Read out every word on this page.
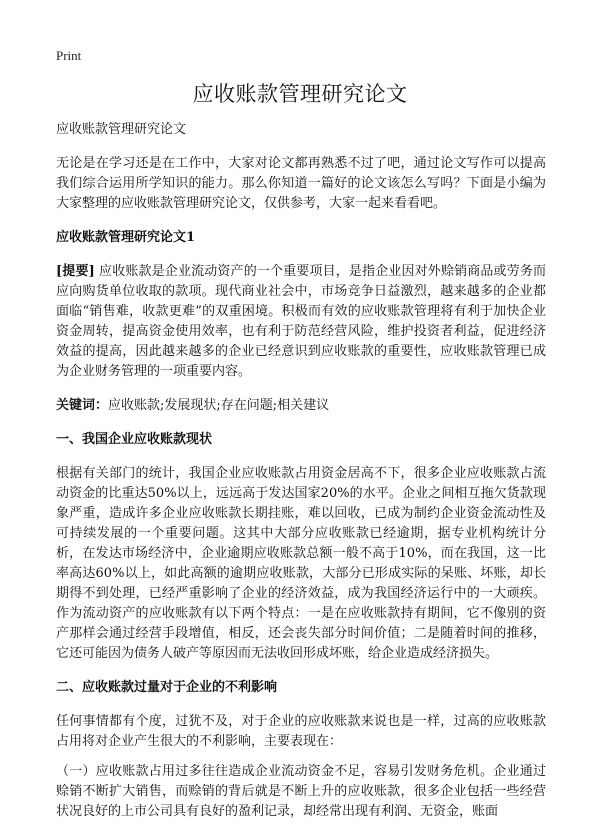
Print
应收账款管理研究论文

应收账款管理研究论文

无论是在学习还是在工作中，大家对论文都再熟悉不过了吧，通过论文写作可以提高我们综合运用所学知识的能力。那么你知道一篇好的论文该怎么写吗？下面是小编为大家整理的应收账款管理研究论文，仅供参考，大家一起来看看吧。

应收账款管理研究论文1

[提要] 应收账款是企业流动资产的一个重要项目，是指企业因对外赊销商品或劳务而应向购货单位收取的款项。现代商业社会中，市场竞争日益激烈，越来越多的企业都面临“销售难，收款更难”的双重困境。积极而有效的应收账款管理将有利于加快企业资金周转，提高资金使用效率，也有利于防范经营风险，维护投资者利益，促进经济效益的提高，因此越来越多的企业已经意识到应收账款的重要性，应收账款管理已成为企业财务管理的一项重要内容。

关键词：应收账款;发展现状;存在问题;相关建议

一、我国企业应收账款现状

根据有关部门的统计，我国企业应收账款占用资金居高不下，很多企业应收账款占流动资金的比重达50%以上，远远高于发达国家20%的水平。企业之间相互拖欠货款现象严重，造成许多企业应收账款长期挂账，难以回收，已成为制约企业资金流动性及可持续发展的一个重要问题。这其中大部分应收账款已经逾期，据专业机构统计分析，在发达市场经济中，企业逾期应收账款总额一般不高于10%，而在我国，这一比率高达60%以上，如此高额的逾期应收账款，大部分已形成实际的呆账、坏账，却长期得不到处理，已经严重影响了企业的经济效益，成为我国经济运行中的一大顽疾。作为流动资产的应收账款有以下两个特点：一是在应收账款持有期间，它不像别的资产那样会通过经营手段增值，相反，还会丧失部分时间价值；二是随着时间的推移，它还可能因为债务人破产等原因而无法收回形成坏账，给企业造成经济损失。

二、应收账款过量对于企业的不利影响

任何事情都有个度，过犹不及，对于企业的应收账款来说也是一样，过高的应收账款占用将对企业产生很大的不利影响，主要表现在：

（一）应收账款占用过多往往造成企业流动资金不足，容易引发财务危机。企业通过赊销不断扩大销售，而赊销的背后就是不断上升的应收账款，很多企业包括一些经营状况良好的上市公司具有良好的盈利记录，却经常出现有利润、无资金，账面
